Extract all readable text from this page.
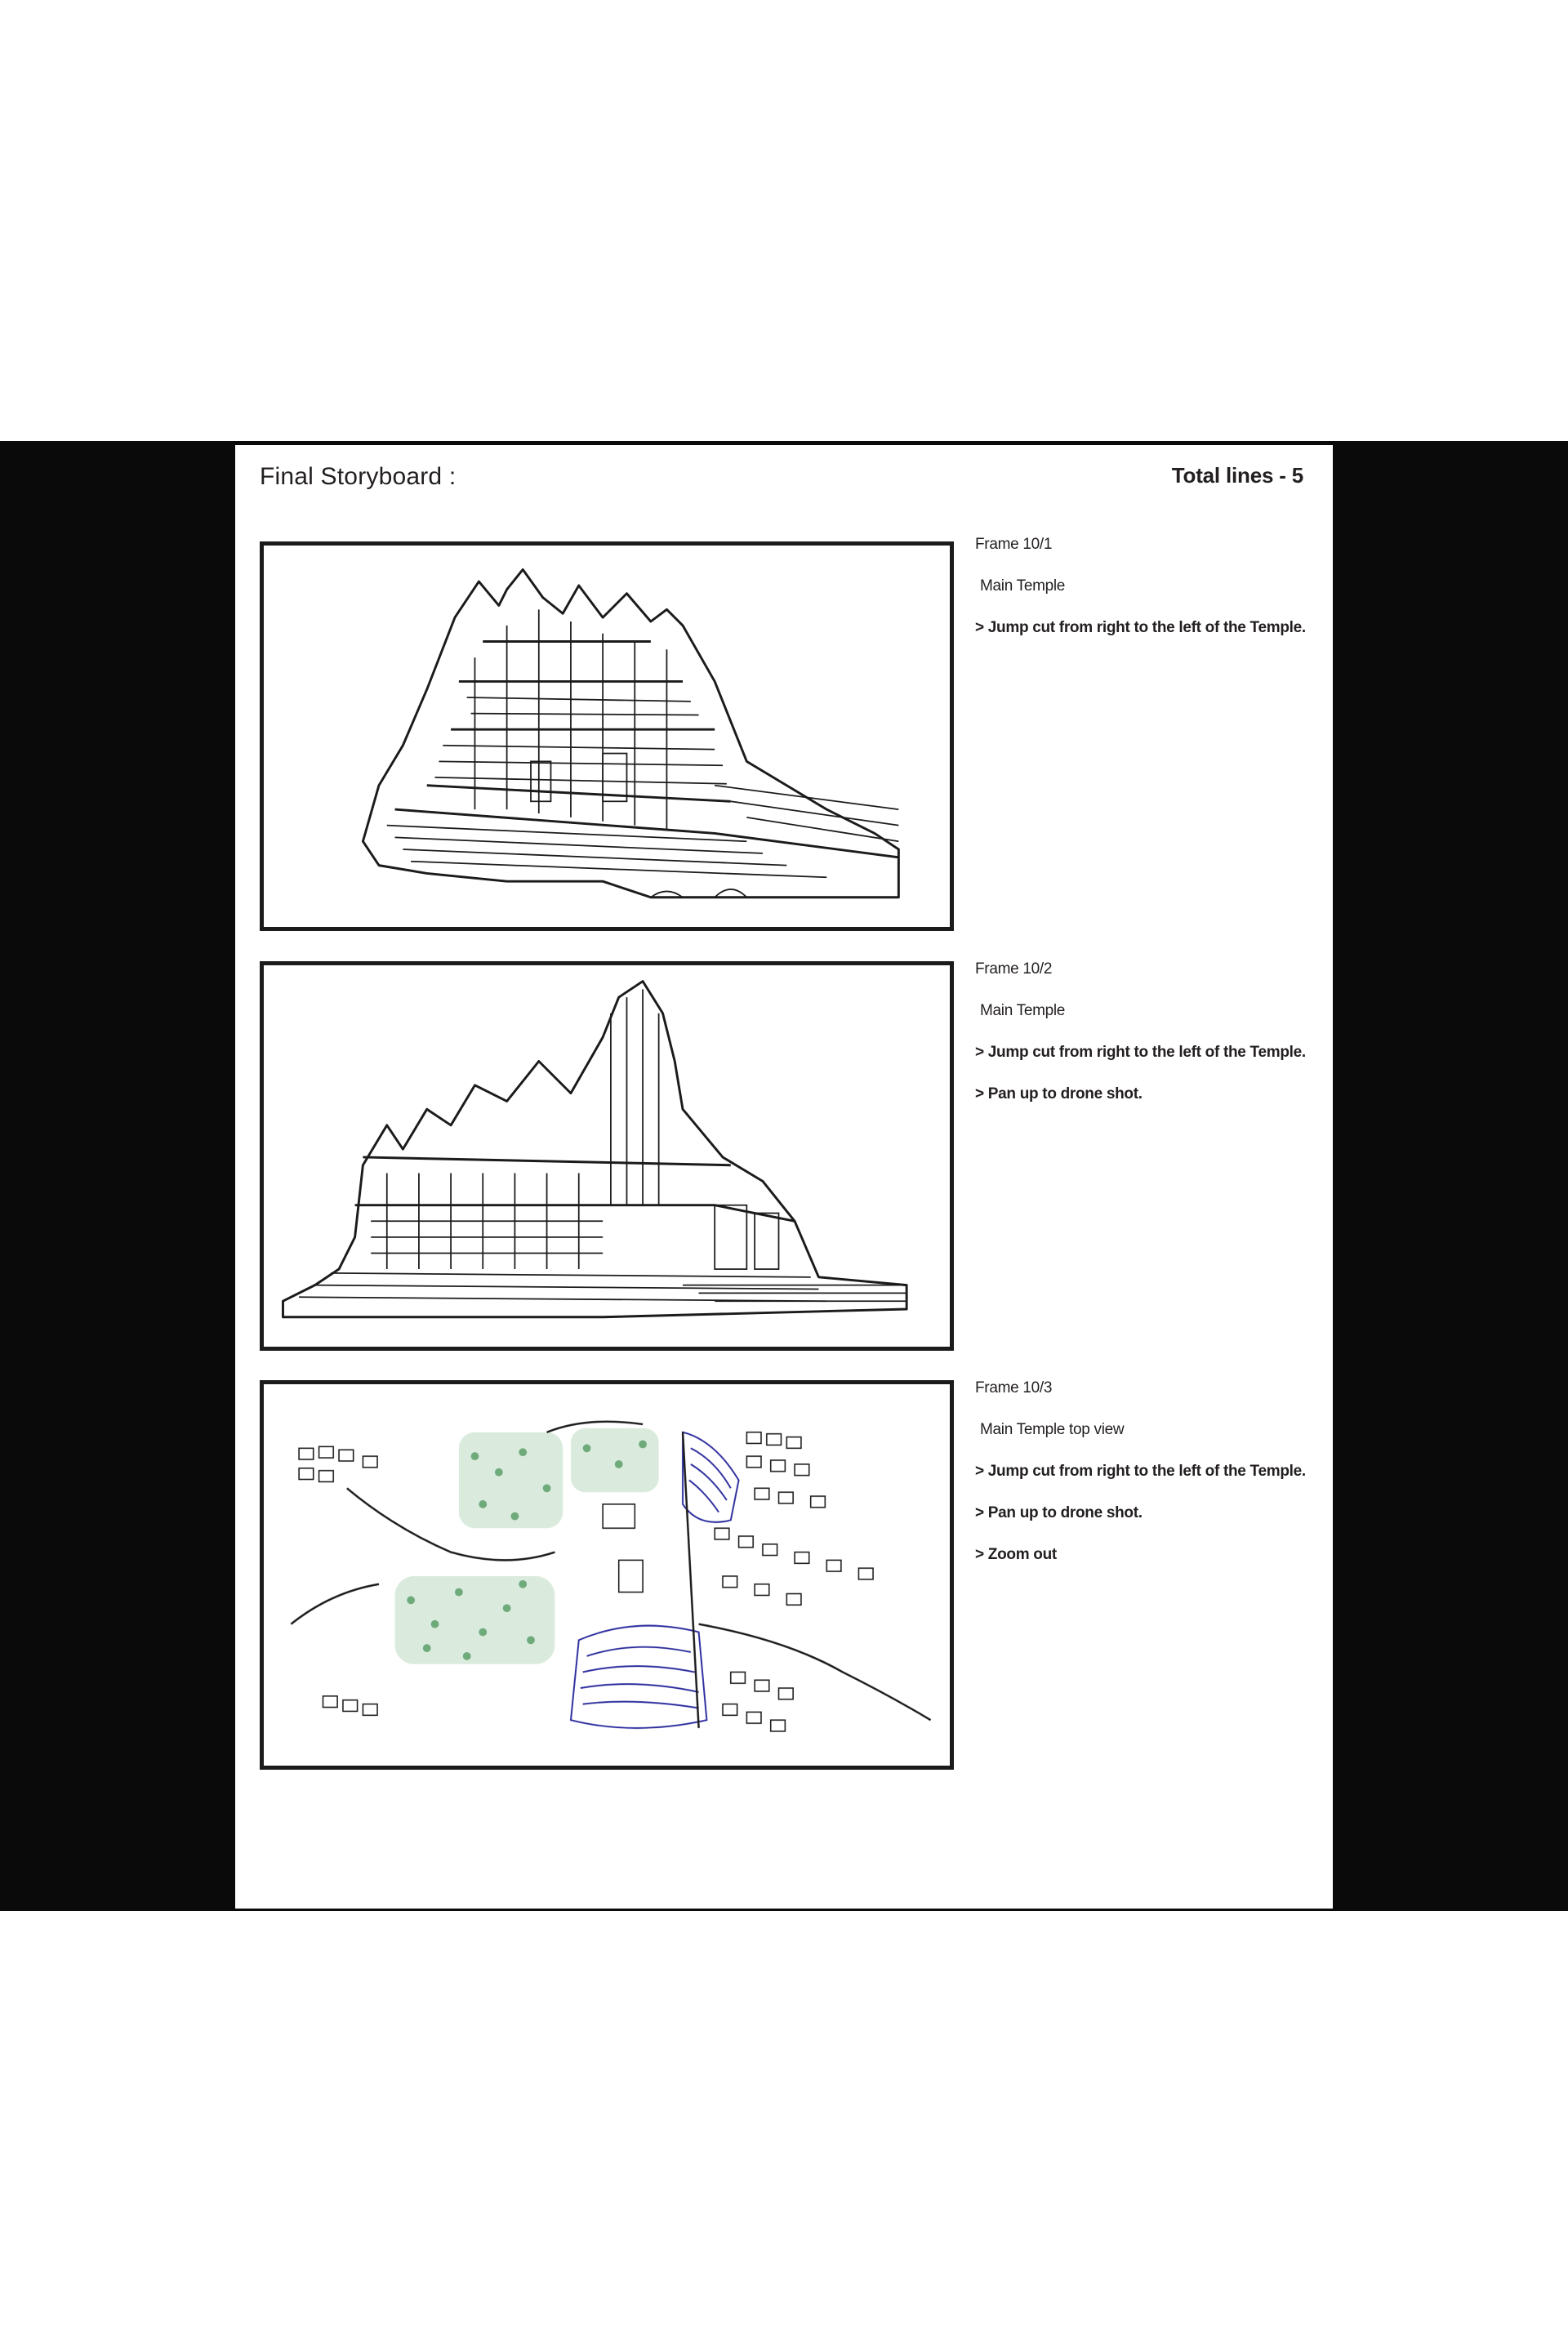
Final Storyboard :	Total lines - 5
Frame 10/1
Main Temple
> Jump cut from right to the left of the Temple.
Frame 10/2
Main Temple
> Jump cut from right to the left of the Temple.
> Pan up to drone shot.
Frame 10/3
Main Temple top view
> Jump cut from right to the left of the Temple.
> Pan up to drone shot.
> Zoom out
